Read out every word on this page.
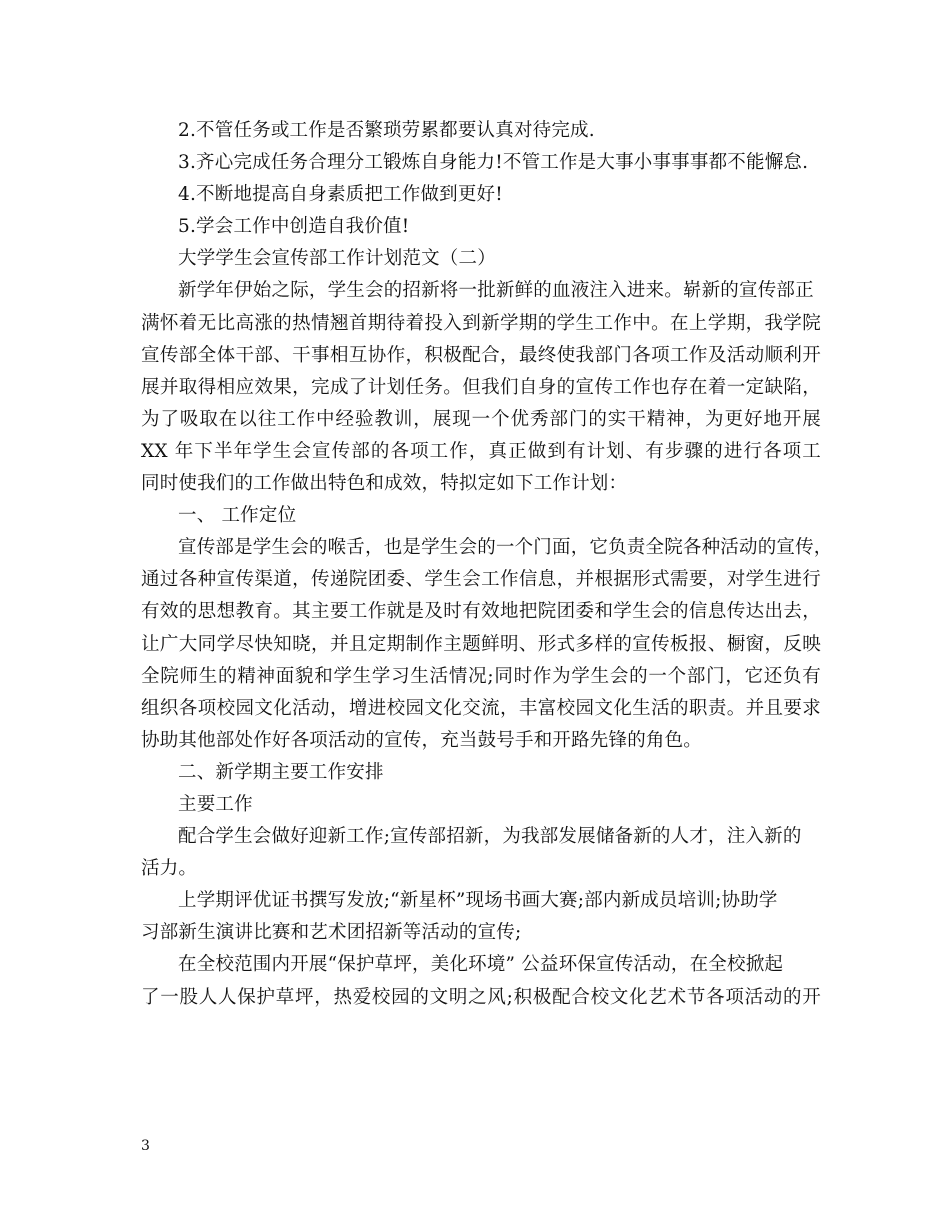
2.不管任务或工作是否繁琐劳累都要认真对待完成.
3.齐心完成任务合理分工锻炼自身能力!不管工作是大事小事事事都不能懈怠.
4.不断地提高自身素质把工作做到更好!
5.学会工作中创造自我价值!
大学学生会宣传部工作计划范文（二）
新学年伊始之际，学生会的招新将一批新鲜的血液注入进来。崭新的宣传部正
满怀着无比高涨的热情翘首期待着投入到新学期的学生工作中。在上学期，我学院
宣传部全体干部、干事相互协作，积极配合，最终使我部门各项工作及活动顺利开
展并取得相应效果，完成了计划任务。但我们自身的宣传工作也存在着一定缺陷，
为了吸取在以往工作中经验教训，展现一个优秀部门的实干精神，为更好地开展
XX 年下半年学生会宣传部的各项工作，真正做到有计划、有步骤的进行各项工
同时使我们的工作做出特色和成效，特拟定如下工作计划：
一、 工作定位
宣传部是学生会的喉舌，也是学生会的一个门面，它负责全院各种活动的宣传，
通过各种宣传渠道，传递院团委、学生会工作信息，并根据形式需要，对学生进行
有效的思想教育。其主要工作就是及时有效地把院团委和学生会的信息传达出去，
让广大同学尽快知晓，并且定期制作主题鲜明、形式多样的宣传板报、橱窗，反映
全院师生的精神面貌和学生学习生活情况;同时作为学生会的一个部门，它还负有
组织各项校园文化活动，增进校园文化交流，丰富校园文化生活的职责。并且要求
协助其他部处作好各项活动的宣传，充当鼓号手和开路先锋的角色。
二、新学期主要工作安排
主要工作
配合学生会做好迎新工作;宣传部招新，为我部发展储备新的人才，注入新的
活力。
上学期评优证书撰写发放;“新星杯”现场书画大赛;部内新成员培训;协助学
习部新生演讲比赛和艺术团招新等活动的宣传;
在全校范围内开展“保护草坪，美化环境” 公益环保宣传活动，在全校掀起
了一股人人保护草坪，热爱校园的文明之风;积极配合校文化艺术节各项活动的开
3
